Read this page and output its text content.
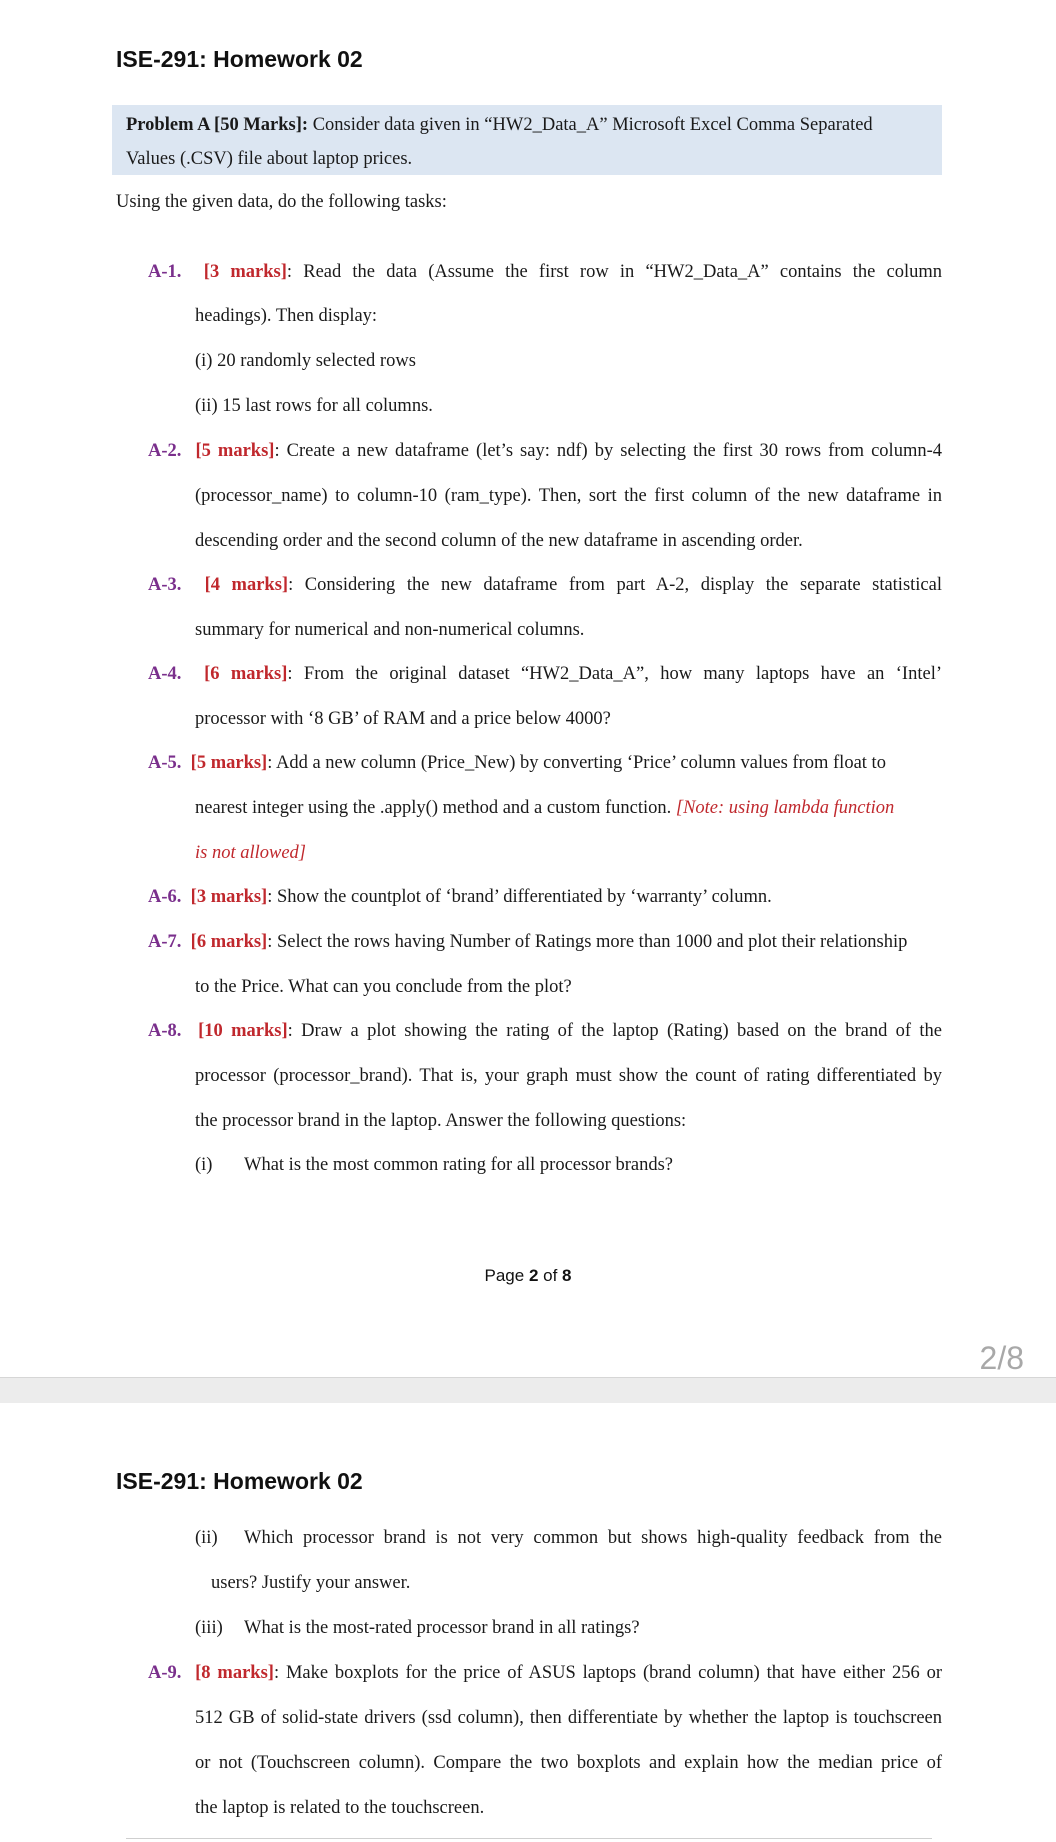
ISE-291: Homework 02
Problem A [50 Marks]: Consider data given in “HW2_Data_A” Microsoft Excel Comma Separated
Values (.CSV) file about laptop prices.
Using the given data, do the following tasks:
A-1. [3 marks]: Read the data (Assume the first row in “HW2_Data_A” contains the column
headings). Then display:
(i) 20 randomly selected rows
(ii) 15 last rows for all columns.
A-2. [5 marks]: Create a new dataframe (let’s say: ndf) by selecting the first 30 rows from column-4
(processor_name) to column-10 (ram_type). Then, sort the first column of the new dataframe in
descending order and the second column of the new dataframe in ascending order.
A-3. [4 marks]: Considering the new dataframe from part A-2, display the separate statistical
summary for numerical and non-numerical columns.
A-4. [6 marks]: From the original dataset “HW2_Data_A”, how many laptops have an ‘Intel’
processor with ‘8 GB’ of RAM and a price below 4000?
A-5. [5 marks]: Add a new column (Price_New) by converting ‘Price’ column values from float to
nearest integer using the .apply() method and a custom function. [Note: using lambda function
is not allowed]
A-6. [3 marks]: Show the countplot of ‘brand’ differentiated by ‘warranty’ column.
A-7. [6 marks]: Select the rows having Number of Ratings more than 1000 and plot their relationship
to the Price. What can you conclude from the plot?
A-8. [10 marks]: Draw a plot showing the rating of the laptop (Rating) based on the brand of the
processor (processor_brand). That is, your graph must show the count of rating differentiated by
the processor brand in the laptop. Answer the following questions:
(i) What is the most common rating for all processor brands?
Page 2 of 8
2/8
ISE-291: Homework 02
(ii) Which processor brand is not very common but shows high-quality feedback from the
users? Justify your answer.
(iii) What is the most-rated processor brand in all ratings?
A-9. [8 marks]: Make boxplots for the price of ASUS laptops (brand column) that have either 256 or
512 GB of solid-state drivers (ssd column), then differentiate by whether the laptop is touchscreen
or not (Touchscreen column). Compare the two boxplots and explain how the median price of
the laptop is related to the touchscreen.
